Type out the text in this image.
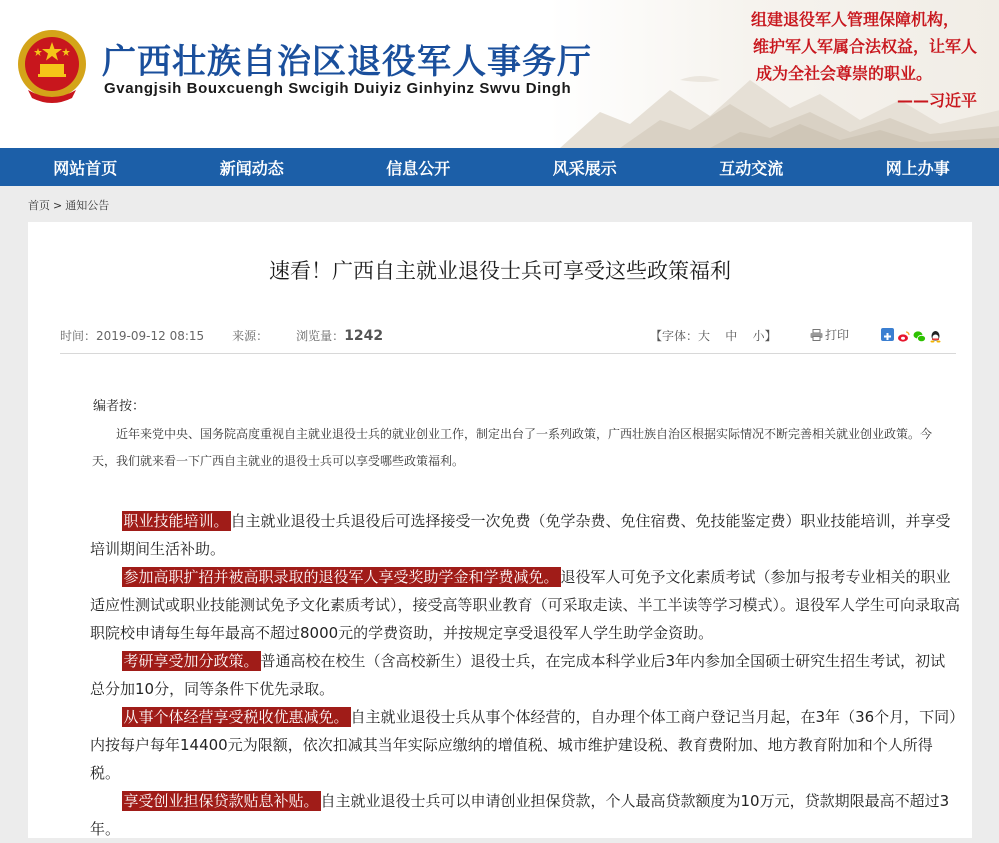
广西壮族自治区退役军人事务厅
Gvangjsih Bouxcuengh Swcigih Duiyiz Ginhyinz Swvu Dingh
组建退役军人管理保障机构，
维护军人军属合法权益，让军人
成为全社会尊崇的职业。
——习近平
网站首页	新闻动态	信息公开	风采展示	互动交流	网上办事
首页 > 通知公告
速看！广西自主就业退役士兵可享受这些政策福利
时间：2019-09-12 08:15 来源： 浏览量：1242	【字体：大 中 小】	打印
编者按：
近年来党中央、国务院高度重视自主就业退役士兵的就业创业工作，制定出台了一系列政策，广西壮族自治区根据实际情况不断完善相关就业创业政策。今天，我们就来看一下广西自主就业的退役士兵可以享受哪些政策福利。

职业技能培训。 自主就业退役士兵退役后可选择接受一次免费（免学杂费、免住宿费、免技能鉴定费）职业技能培训，并享受培训期间生活补助。

参加高职扩招并被高职录取的退役军人享受奖助学金和学费减免。 退役军人可免予文化素质考试（参加与报考专业相关的职业适应性测试或职业技能测试免予文化素质考试），接受高等职业教育（可采取走读、半工半读等学习模式）。退役军人学生可向录取高职院校申请每生每年最高不超过8000元的学费资助，并按规定享受退役军人学生助学金资助。

考研享受加分政策。 普通高校在校生（含高校新生）退役士兵，在完成本科学业后3年内参加全国硕士研究生招生考试，初试总分加10分，同等条件下优先录取。

从事个体经营享受税收优惠减免。 自主就业退役士兵从事个体经营的，自办理个体工商户登记当月起，在3年（36个月，下同）内按每户每年14400元为限额，依次扣减其当年实际应缴纳的增值税、城市维护建设税、教育费附加、地方教育附加和个人所得税。

享受创业担保贷款贴息补贴。 自主就业退役士兵可以申请创业担保贷款，个人最高贷款额度为10万元，贷款期限最高不超过3年。
